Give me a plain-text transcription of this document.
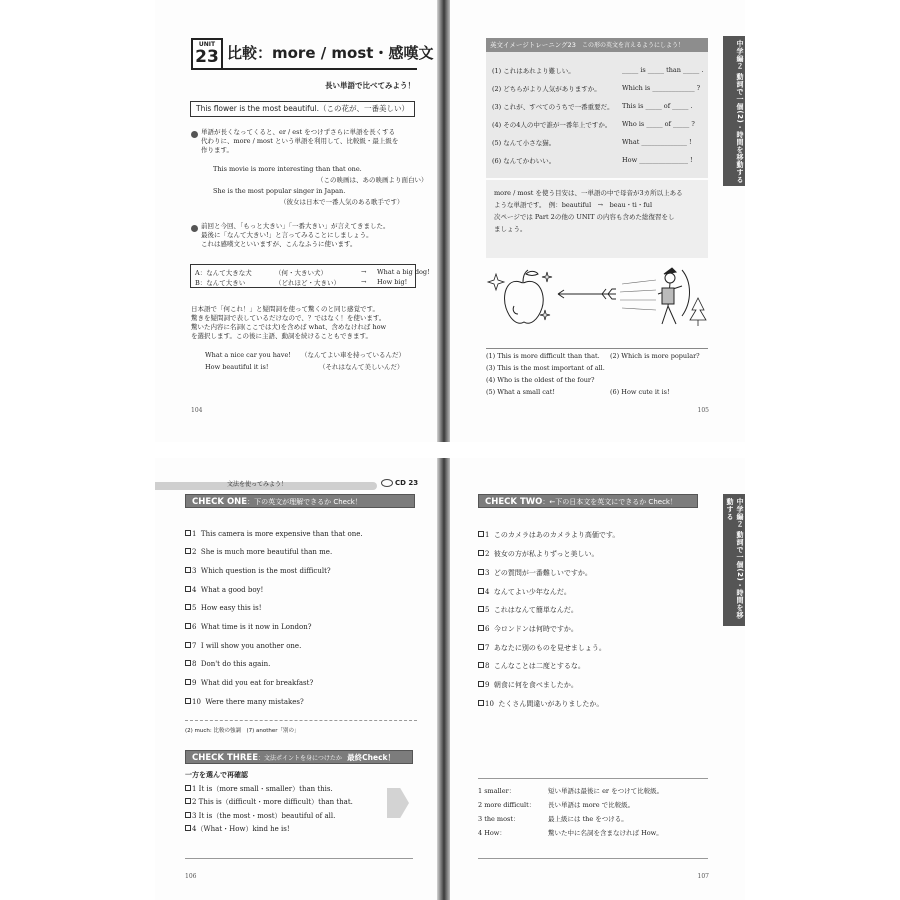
UNIT
23 比較：more / most・感嘆文
長い単語で比べてみよう！
This flower is the most beautiful.（この花が、一番美しい）
単語が長くなってくると、er / est をつけずさらに単語を長くする
代わりに、more / most という単語を利用して、比較級・最上級を
作ります。
This movie is more interesting than that one.
（この映画は、あの映画より面白い）
She is the most popular singer in Japan.
（彼女は日本で一番人気のある歌手です）
前回と今回、「もっと大きい」「一番大きい」が言えてきました。
最後に「なんて大きい!」と言ってみることにしましょう。
これは感嘆文といいますが、こんなふうに使います。
A：なんて大きな犬	（何・大きい犬）	→ What a big dog!
B：なんて大きい	（どれほど・大きい）	→ How big!
日本語で「何これ！」と疑問詞を使って驚くのと同じ感覚です。
驚きを疑問詞で表しているだけなので、？ではなく！を使います。
驚いた内容に名詞(ここでは犬)を含めば what、含めなければ how
を選択します。この後に主語、動詞を続けることもできます。
What a nice car you have! （なんてよい車を持っているんだ）
How beautiful it is!	（それはなんて美しいんだ）
104
英文イメージトレーニング23 この形の英文を言えるようにしよう！
(1) これはあれより難しい。	_____ is _____ than _____ .
(2) どちらがより人気がありますか。	Which is _____________ ?
(3) これが、すべてのうちで一番重要だ。 This is _____ of _____ .
(4) その4人の中で誰が一番年上ですか。 Who is _____ of _____ ?
(5) なんて小さな猫。	What ______________ !
(6) なんてかわいい。	How _______________ !
more / most を使う目安は、一単語の中で母音が3カ所以上ある
ような単語です。　例：beautiful　→　beau・ti・ful
次ページでは Part 2の他の UNIT の内容も含めた総復習をし
ましょう。
中学編２ 動詞で一個(2)・時間を移動する
(1) This is more difficult than that. (2) Which is more popular?
(3) This is the most important of all.
(4) Who is the oldest of the four?
(5) What a small cat!	(6) How cute it is!
105
文法を使ってみよう！	CD 23
CHECK ONE：下の英文が理解できるか Check！
1 This camera is more expensive than that one.
2 She is much more beautiful than me.
3 Which question is the most difficult?
4 What a good boy!
5 How easy this is!
6 What time is it now in London?
7 I will show you another one.
8 Don't do this again.
9 What did you eat for breakfast?
10 Were there many mistakes?
(2) much: 比較の強調　(7) another「別の」
CHECK THREE：文法ポイントを身につけたか 最終Check！
一方を選んで再確認
1 It is（more small・smaller）than this.
2 This is（difficult・more difficult）than that.
3 It is（the most・most）beautiful of all.
4（What・How）kind he is!
106
CHECK TWO：←下の日本文を英文にできるか Check！	中学編２ 動詞で一個(2)・時間を移動する
1 このカメラはあのカメラより高価です。
2 彼女の方が私よりずっと美しい。
3 どの質問が一番難しいですか。
4 なんてよい少年なんだ。
5 これはなんて簡単なんだ。
6 今ロンドンは何時ですか。
7 あなたに別のものを見せましょう。
8 こんなことは二度とするな。
9 朝食に何を食べましたか。
10 たくさん間違いがありましたか。
1 smaller：	短い単語は最後に er をつけて比較級。
2 more difficult： 長い単語は more で比較級。
3 the most：	最上級には the をつける。
4 How：	驚いた中に名詞を含まなければ How。
107
